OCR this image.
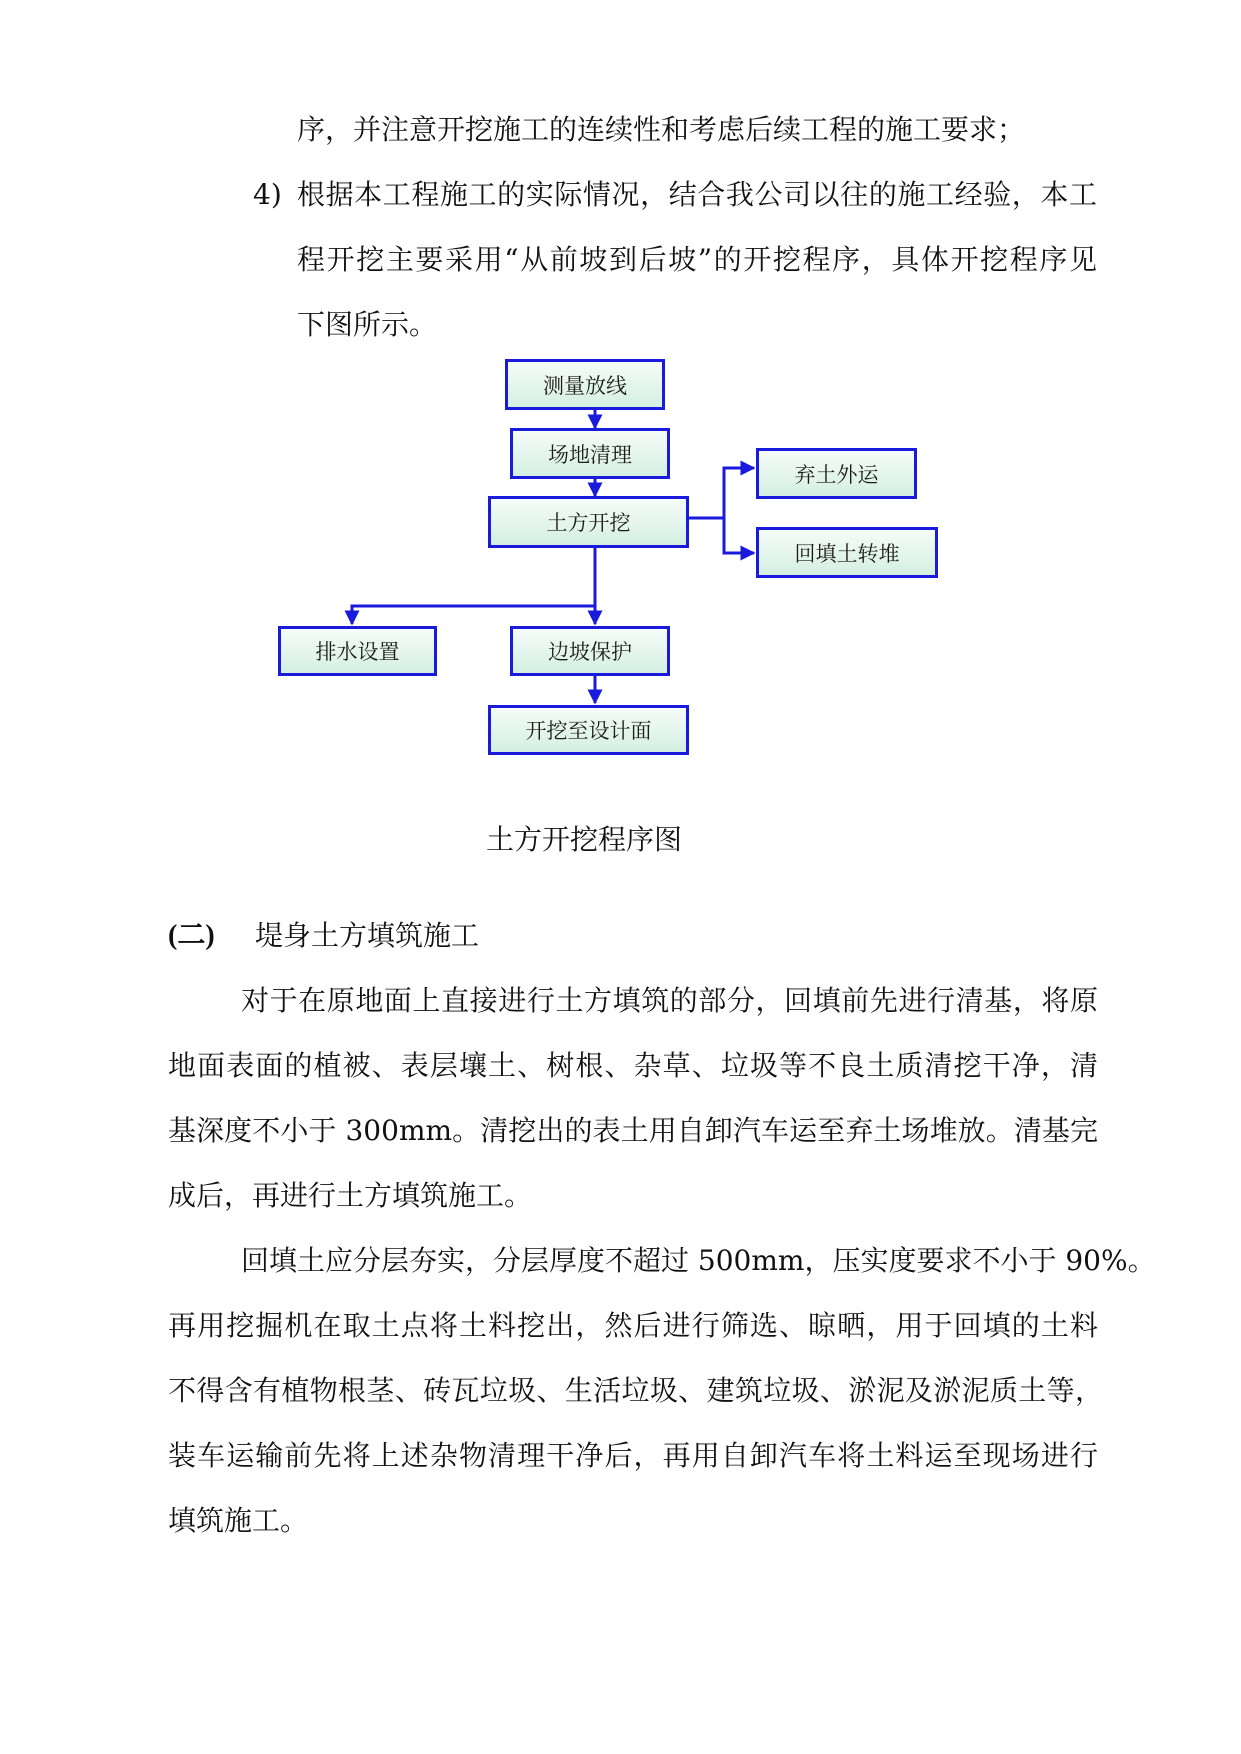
序，并注意开挖施工的连续性和考虑后续工程的施工要求；
4) 根据本工程施工的实际情况，结合我公司以往的施工经验，本工
程开挖主要采用“从前坡到后坡”的开挖程序，具体开挖程序见
下图所示。
测量放线
场地清理
土方开挖
弃土外运
回填土转堆
排水设置	边坡保护
开挖至设计面
土方开挖程序图
(二) 堤身土方填筑施工
对于在原地面上直接进行土方填筑的部分，回填前先进行清基，将原
地面表面的植被、表层壤土、树根、杂草、垃圾等不良土质清挖干净，清
基深度不小于 300mm。清挖出的表土用自卸汽车运至弃土场堆放。清基完
成后，再进行土方填筑施工。
回填土应分层夯实，分层厚度不超过 500mm，压实度要求不小于 90%。
再用挖掘机在取土点将土料挖出，然后进行筛选、晾晒，用于回填的土料
不得含有植物根茎、砖瓦垃圾、生活垃圾、建筑垃圾、淤泥及淤泥质土等，
装车运输前先将上述杂物清理干净后，再用自卸汽车将土料运至现场进行
填筑施工。
